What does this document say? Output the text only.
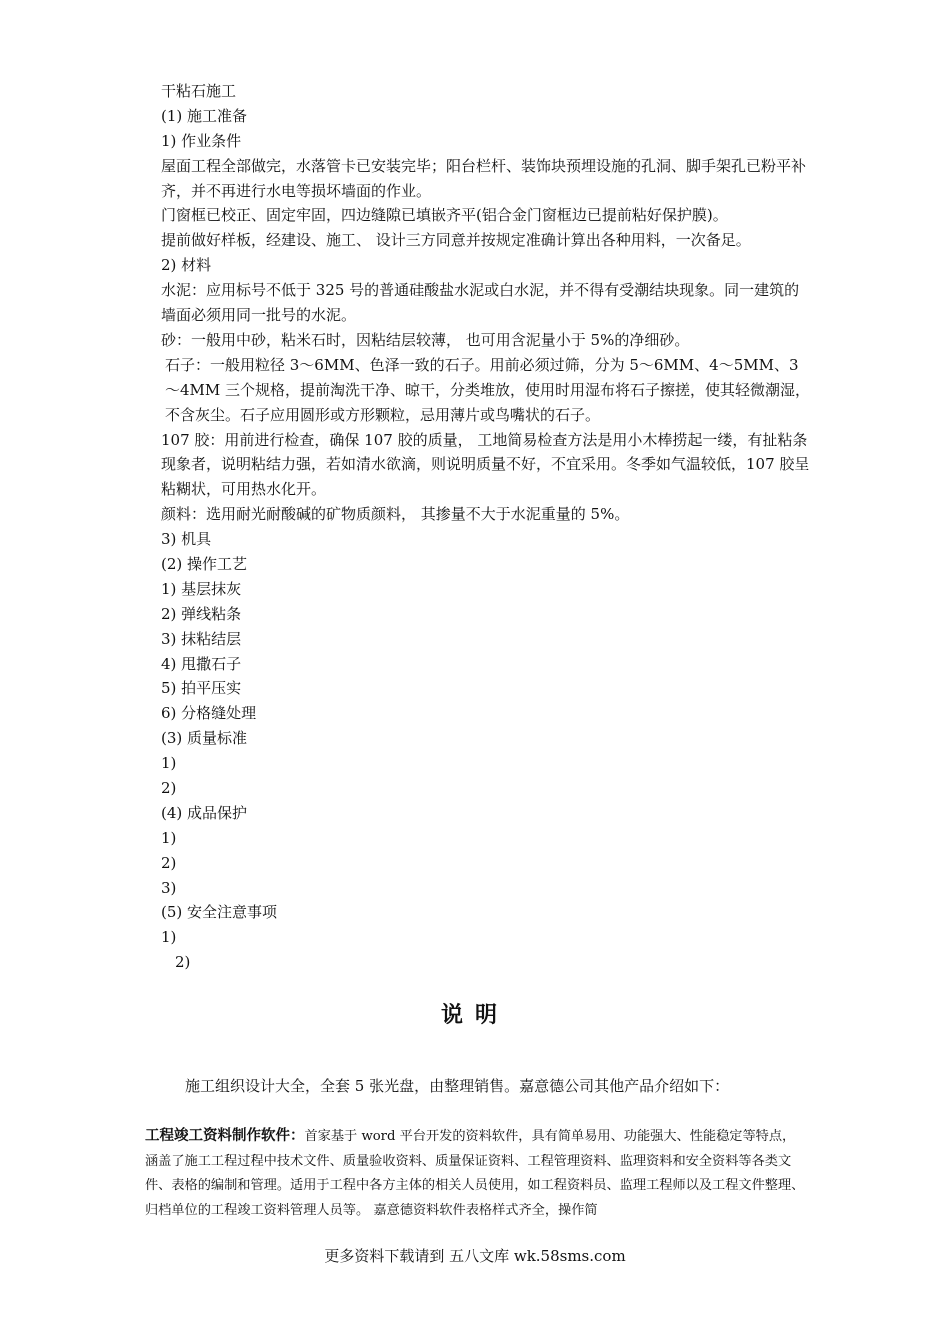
干粘石施工
(1) 施工准备
1) 作业条件
屋面工程全部做完，水落管卡已安装完毕；阳台栏杆、装饰块预埋设施的孔洞、脚手架孔已粉平补齐，并不再进行水电等损坏墙面的作业。
门窗框已校正、固定牢固，四边缝隙已填嵌齐平(铝合金门窗框边已提前粘好保护膜)。
提前做好样板，经建设、施工、 设计三方同意并按规定准确计算出各种用料，一次备足。
2) 材料
水泥：应用标号不低于 325 号的普通硅酸盐水泥或白水泥，并不得有受潮结块现象。同一建筑的墙面必须用同一批号的水泥。
砂：一般用中砂，粘米石时，因粘结层较薄， 也可用含泥量小于 5%的净细砂。
石子：一般用粒径 3～6MM、色泽一致的石子。用前必须过筛，分为 5～6MM、4～5MM、3～4MM 三个规格，提前淘洗干净、晾干，分类堆放，使用时用湿布将石子擦搓，使其轻微潮湿，不含灰尘。石子应用圆形或方形颗粒，忌用薄片或鸟嘴状的石子。
107 胶：用前进行检查，确保 107 胶的质量， 工地简易检查方法是用小木棒捞起一缕，有扯粘条现象者，说明粘结力强，若如清水欲滴，则说明质量不好，不宜采用。冬季如气温较低，107 胶呈粘糊状，可用热水化开。
颜料：选用耐光耐酸碱的矿物质颜料， 其掺量不大于水泥重量的 5%。
3) 机具
(2) 操作工艺
1) 基层抹灰
2) 弹线粘条
3) 抹粘结层
4) 甩撒石子
5) 拍平压实
6) 分格缝处理
(3) 质量标准
1)
2)
(4) 成品保护
1)
2)
3)
(5) 安全注意事项
1)
2)
说明
施工组织设计大全，全套 5 张光盘，由整理销售。嘉意德公司其他产品介绍如下：
工程竣工资料制作软件：首家基于 word 平台开发的资料软件，具有简单易用、功能强大、性能稳定等特点，涵盖了施工工程过程中技术文件、质量验收资料、质量保证资料、工程管理资料、监理资料和安全资料等各类文件、表格的编制和管理。适用于工程中各方主体的相关人员使用，如工程资料员、监理工程师以及工程文件整理、归档单位的工程竣工资料管理人员等。 嘉意德资料软件表格样式齐全，操作简
更多资料下载请到 五八文库 wk.58sms.com
